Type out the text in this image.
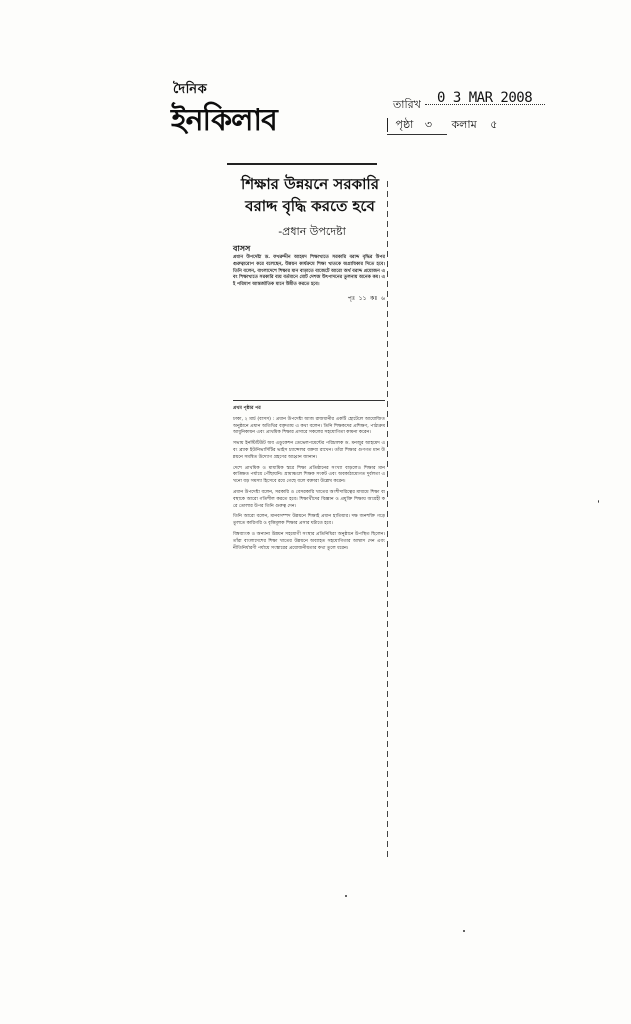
দৈনিক
ইনকিলাব	তারিখ 0 3 MAR 2008
পৃষ্ঠা ৩ কলাম ৫
শিক্ষার উন্নয়নে সরকারি বরাদ্দ বৃদ্ধি করতে হবে
-প্রধান উপদেষ্টা
বাসস

প্রধান উপদেষ্টা ড. ফখরুদ্দীন আহমদ শিক্ষাখাতে সরকারি বরাদ্দ বৃদ্ধির উপর গুরুত্বারোপ করে বলেছেন, উন্নয়ন কার্যক্রমে শিক্ষা খাতকে অগ্রাধিকার দিতে হবে। তিনি বলেন, বাংলাদেশে শিক্ষার মান বাড়াতে বাজেটে আরো অর্থ বরাদ্দ প্রয়োজন এবং শিক্ষাখাতে সরকারি ব্যয় বর্তমানে মোট দেশজ উৎপাদনের তুলনায় অনেক কম। এই পরিমাণ আন্তর্জাতিক মানে উন্নীত করতে হবে।

পৃঃ ১১ কঃ ৬
প্রথম পৃষ্ঠার পর

ঢাকা, ২ মার্চ (বাসস) : প্রধান উপদেষ্টা আজ রাজধানীর একটি হোটেলে আয়োজিত অনুষ্ঠানে প্রধান অতিথির বক্তৃতায় এ কথা বলেন। তিনি শিক্ষকদের প্রশিক্ষণ, পাঠ্যক্রম আধুনিকায়ন এবং প্রাথমিক শিক্ষার প্রসারে সকলের সহযোগিতা কামনা করেন।

সভায় ইনস্টিটিউট অব এডুকেশন ডেভেলপমেন্টের পরিচালক ড. মনজুর আহমেদ এবং ব্র্যাক ইউনিভার্সিটির ভাইস চ্যান্সেলর বক্তব্য রাখেন। তাঁরা শিক্ষার গুণগত মান উন্নয়নে সমন্বিত উদ্যোগ গ্রহণের আহ্বান জানান।

দেশে প্রাথমিক ও মাধ্যমিক স্তরে শিক্ষা প্রতিষ্ঠানের সংখ্যা বাড়লেও শিক্ষার মান কাঙ্ক্ষিত পর্যায়ে পৌঁছায়নি। গ্রামাঞ্চলে শিক্ষক সংকট এবং অবকাঠামোগত দুর্বলতা এখনো বড় সমস্যা হিসেবে রয়ে গেছে বলে বক্তারা উল্লেখ করেন।

প্রধান উপদেষ্টা বলেন, সরকারি ও বেসরকারি খাতের অংশীদারিত্বের মাধ্যমে শিক্ষা ব্যবস্থাকে আরো গতিশীল করতে হবে। শিক্ষার্থীদের বিজ্ঞান ও প্রযুক্তি শিক্ষায় আগ্রহী করে তোলার উপর তিনি গুরুত্ব দেন।

তিনি আরো বলেন, মানবসম্পদ উন্নয়নে শিক্ষাই প্রধান হাতিয়ার। দক্ষ জনশক্তি গড়ে তুলতে কারিগরি ও বৃত্তিমূলক শিক্ষার প্রসার ঘটাতে হবে।

বিশ্বব্যাংক ও অন্যান্য উন্নয়ন সহযোগী সংস্থার প্রতিনিধিরা অনুষ্ঠানে উপস্থিত ছিলেন। তাঁরা বাংলাদেশের শিক্ষা খাতের উন্নয়নে অব্যাহত সহযোগিতার আশ্বাস দেন এবং নীতিনির্ধারণী পর্যায়ে সংস্কারের প্রয়োজনীয়তার কথা তুলে ধরেন।
